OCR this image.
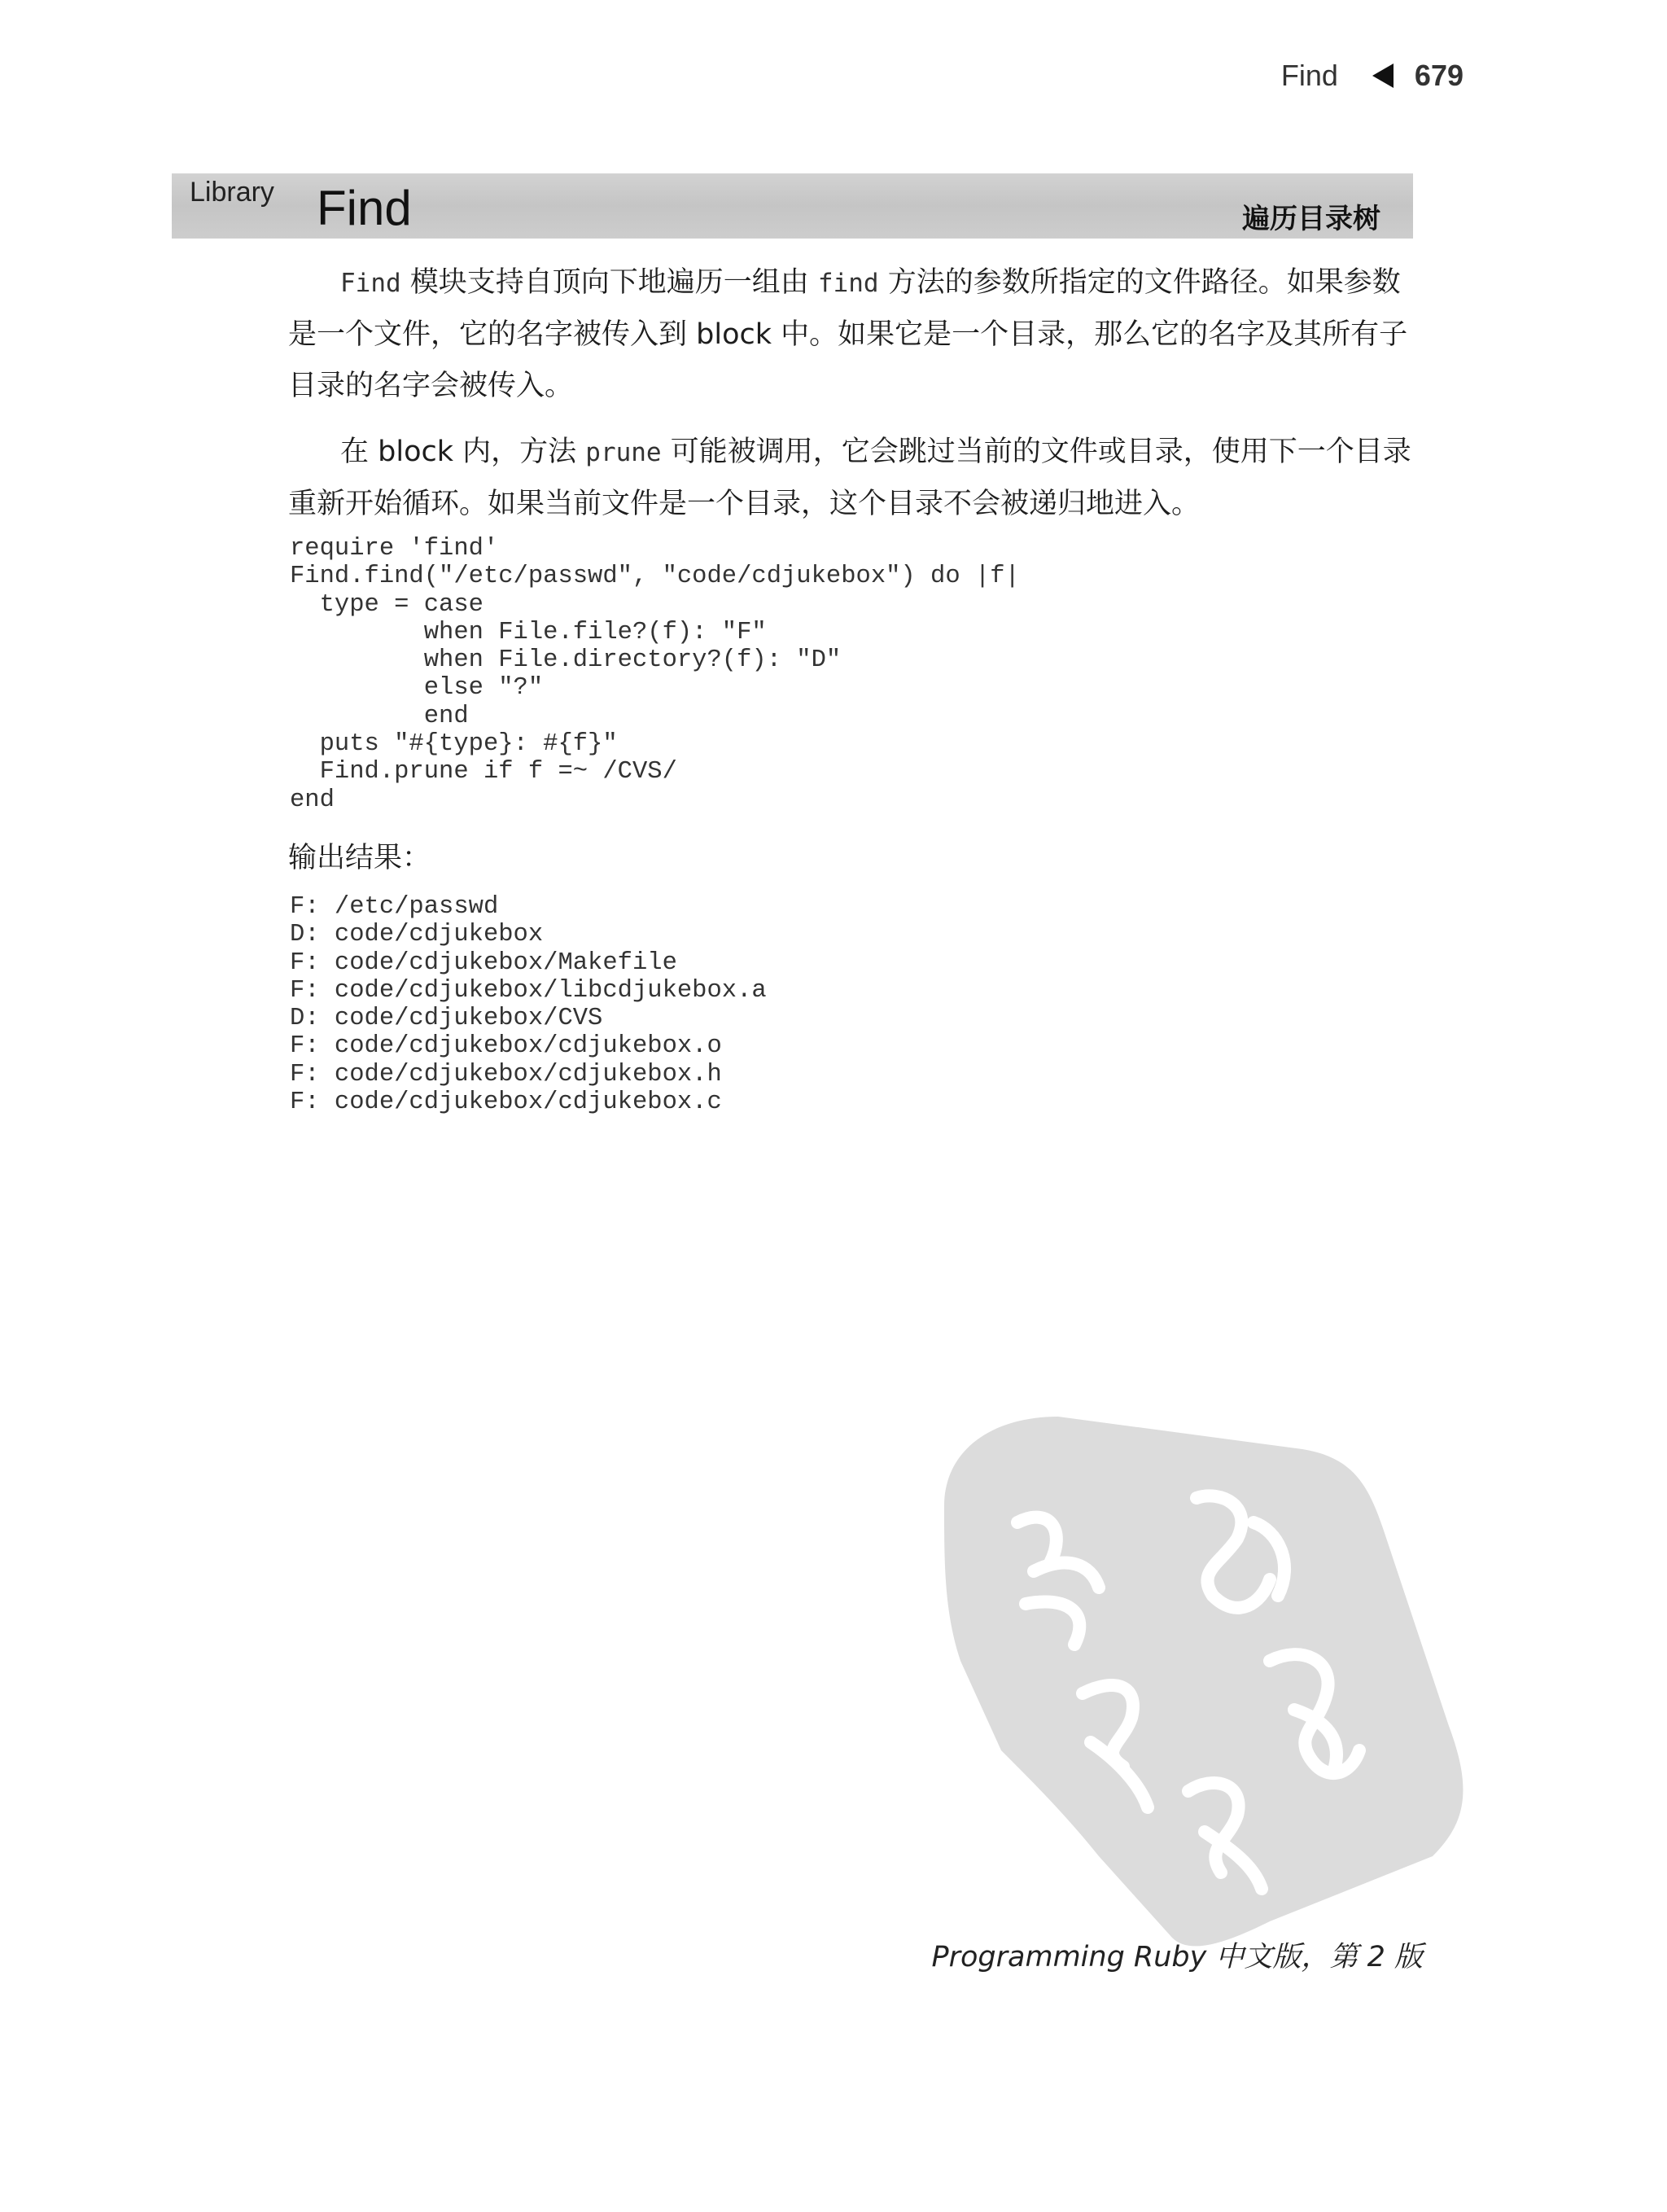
Find	679
Library Find	遍历目录树

Find 模块支持自顶向下地遍历一组由 find 方法的参数所指定的文件路径。如果参数是一个文件，它的名字被传入到 block 中。如果它是一个目录，那么它的名字及其所有子目录的名字会被传入。

在 block 内，方法 prune 可能被调用，它会跳过当前的文件或目录，使用下一个目录重新开始循环。如果当前文件是一个目录，这个目录不会被递归地进入。

require 'find'
Find.find("/etc/passwd", "code/cdjukebox") do |f|
type = case
when File.file?(f): "F"
when File.directory?(f): "D"
else "?"
end
puts "#{type}: #{f}"
Find.prune if f =~ /CVS/
end

输出结果：

F: /etc/passwd
D: code/cdjukebox
F: code/cdjukebox/Makefile
F: code/cdjukebox/libcdjukebox.a
D: code/cdjukebox/CVS
F: code/cdjukebox/cdjukebox.o
F: code/cdjukebox/cdjukebox.h
F: code/cdjukebox/cdjukebox.c
Programming Ruby 中文版，第 2 版
